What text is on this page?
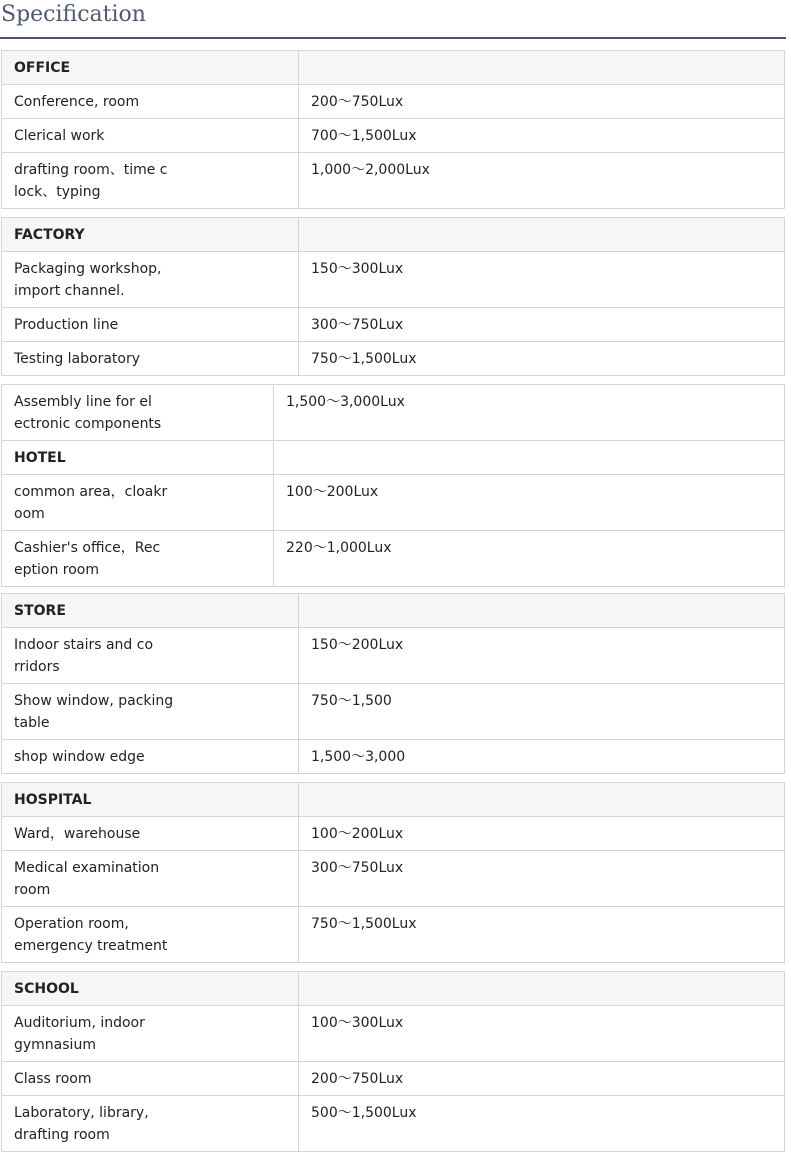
Specification
OFFICE	
Conference, room	200～750Lux
Clerical work	700～1,500Lux
drafting room、time c
lock、typing	1,000～2,000Lux
FACTORY	
Packaging workshop,
import channel.	150～300Lux
Production line	300～750Lux
Testing laboratory	750～1,500Lux
Assembly line for el
ectronic components	1,500～3,000Lux
HOTEL	
common area，cloakr
oom	100～200Lux
Cashier's office，Rec
eption room	220～1,000Lux
STORE	
Indoor stairs and co
rridors	150～200Lux
Show window, packing
table	750～1,500
shop window edge	1,500～3,000
HOSPITAL	
Ward，warehouse	100～200Lux
Medical examination
room	300～750Lux
Operation room,
emergency treatment	750～1,500Lux
SCHOOL	
Auditorium, indoor
gymnasium	100～300Lux
Class room	200～750Lux
Laboratory, library,
drafting room	500～1,500Lux
